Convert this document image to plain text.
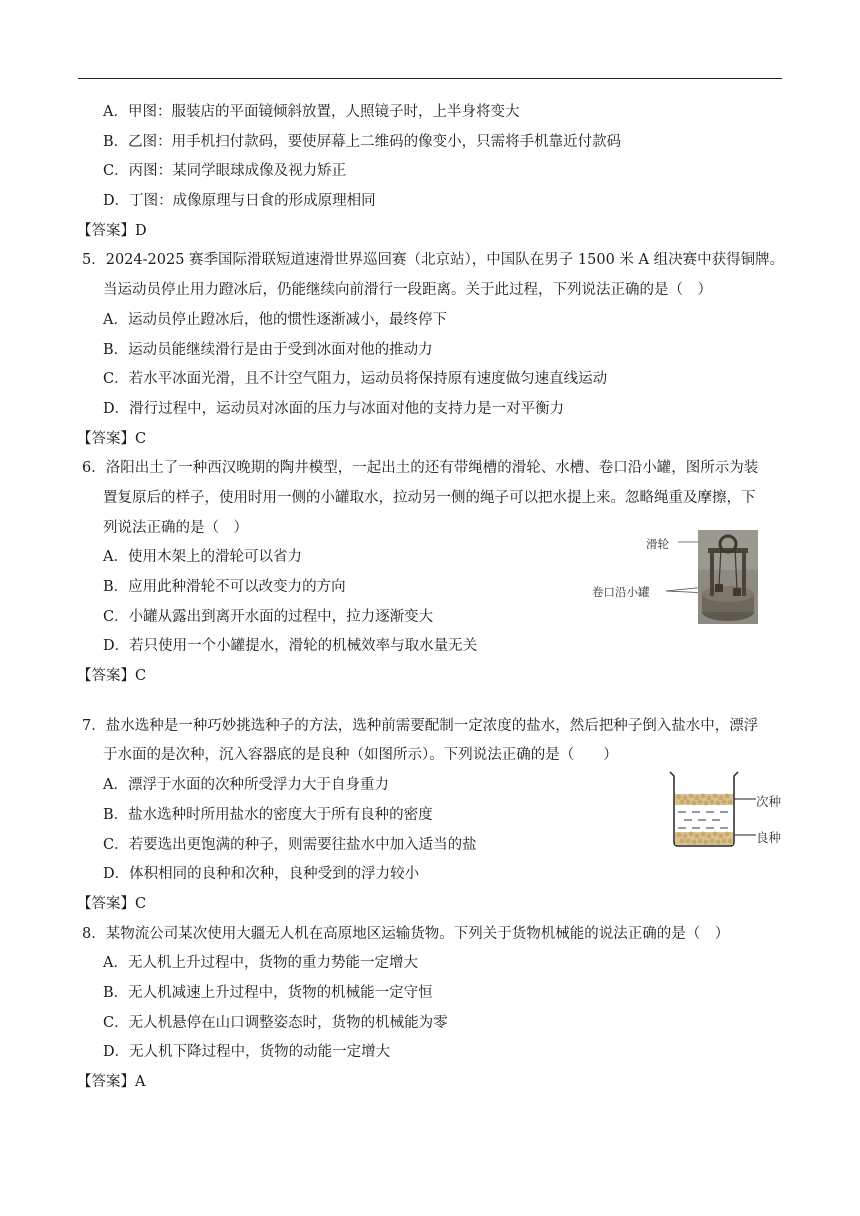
A．甲图：服装店的平面镜倾斜放置，人照镜子时，上半身将变大
B．乙图：用手机扫付款码，要使屏幕上二维码的像变小，只需将手机靠近付款码
C．丙图：某同学眼球成像及视力矫正
D．丁图：成像原理与日食的形成原理相同
【答案】D
5．2024-2025 赛季国际滑联短道速滑世界巡回赛（北京站），中国队在男子 1500 米 A 组决赛中获得铜牌。
当运动员停止用力蹬冰后，仍能继续向前滑行一段距离。关于此过程，下列说法正确的是（　）
A．运动员停止蹬冰后，他的惯性逐渐减小，最终停下
B．运动员能继续滑行是由于受到冰面对他的推动力
C．若水平冰面光滑，且不计空气阻力，运动员将保持原有速度做匀速直线运动
D．滑行过程中，运动员对冰面的压力与冰面对他的支持力是一对平衡力
【答案】C
6．洛阳出土了一种西汉晚期的陶井模型，一起出土的还有带绳槽的滑轮、水槽、卷口沿小罐，图所示为装
置复原后的样子，使用时用一侧的小罐取水，拉动另一侧的绳子可以把水提上来。忽略绳重及摩擦，下
列说法正确的是（　）
A．使用木架上的滑轮可以省力
B．应用此种滑轮不可以改变力的方向
C．小罐从露出到离开水面的过程中，拉力逐渐变大
D．若只使用一个小罐提水，滑轮的机械效率与取水量无关
【答案】C
7．盐水选种是一种巧妙挑选种子的方法，选种前需要配制一定浓度的盐水，然后把种子倒入盐水中，漂浮
于水面的是次种，沉入容器底的是良种（如图所示）。下列说法正确的是（　　）
A．漂浮于水面的次种所受浮力大于自身重力
B．盐水选种时所用盐水的密度大于所有良种的密度
C．若要选出更饱满的种子，则需要往盐水中加入适当的盐
D．体积相同的良种和次种，良种受到的浮力较小
【答案】C
8．某物流公司某次使用大疆无人机在高原地区运输货物。下列关于货物机械能的说法正确的是（　）
A．无人机上升过程中，货物的重力势能一定增大
B．无人机减速上升过程中，货物的机械能一定守恒
C．无人机悬停在山口调整姿态时，货物的机械能为零
D．无人机下降过程中，货物的动能一定增大
【答案】A
滑轮
卷口沿小罐
次种
良种
